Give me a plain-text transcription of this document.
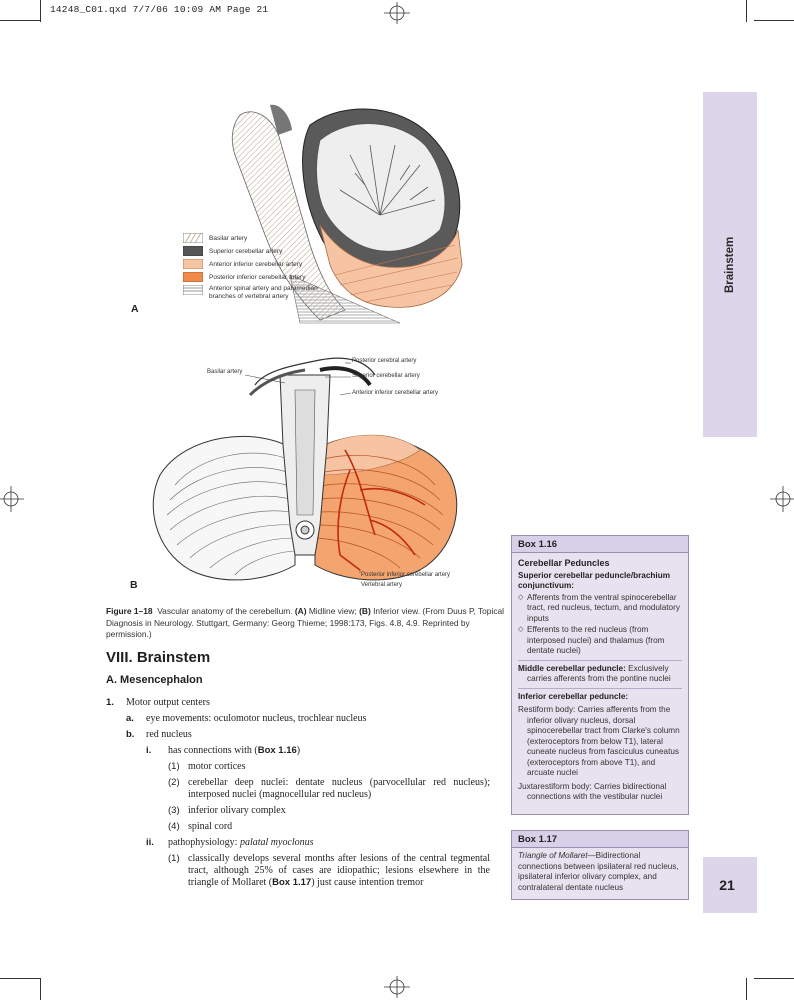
14248_C01.qxd 7/7/06 10:09 AM Page 21
Brainstem
21
Basilar artery
Superior cerebellar artery
Anterior inferior cerebellar artery
Posterior inferior cerebellar artery
Anterior spinal artery and paramedian branches of vertebral artery
A
Basilar artery
Posterior cerebral artery
Superior cerebellar artery
Anterior inferior cerebellar artery
Posterior inferior cerebellar artery
Vertebral artery
B
Figure 1–18 Vascular anatomy of the cerebellum. (A) Midline view; (B) Inferior view. (From Duus P, Topical Diagnosis in Neurology. Stuttgart, Germany: Georg Thieme; 1998:173, Figs. 4.8, 4.9. Reprinted by permission.)
VIII. Brainstem
A. Mesencephalon
1. Motor output centers
a. eye movements: oculomotor nucleus, trochlear nucleus
b. red nucleus
i. has connections with (Box 1.16)
(1) motor cortices
(2) cerebellar deep nuclei: dentate nucleus (parvocellular red nucleus); interposed nuclei (magnocellular red nucleus)
(3) inferior olivary complex
(4) spinal cord
ii. pathophysiology: palatal myoclonus
(1) classically develops several months after lesions of the central tegmental tract, although 25% of cases are idiopathic; lesions elsewhere in the triangle of Mollaret (Box 1.17) just cause intention tremor
Box 1.16
Cerebellar Peduncles
Superior cerebellar peduncle/brachium conjunctivum:
◇ Afferents from the ventral spinocerebellar tract, red nucleus, tectum, and modulatory inputs
◇ Efferents to the red nucleus (from interposed nuclei) and thalamus (from dentate nuclei)
Middle cerebellar peduncle: Exclusively carries afferents from the pontine nuclei
Inferior cerebellar peduncle:
Restiform body: Carries afferents from the inferior olivary nucleus, dorsal spinocerebellar tract from Clarke's column (exteroceptors from below T1), lateral cuneate nucleus from fasciculus cuneatus (exteroceptors from above T1), and arcuate nuclei
Juxtarestiform body: Carries bidirectional connections with the vestibular nuclei
Box 1.17
Triangle of Mollaret—Bidirectional connections between ipsilateral red nucleus, ipsilateral inferior olivary complex, and contralateral dentate nucleus
